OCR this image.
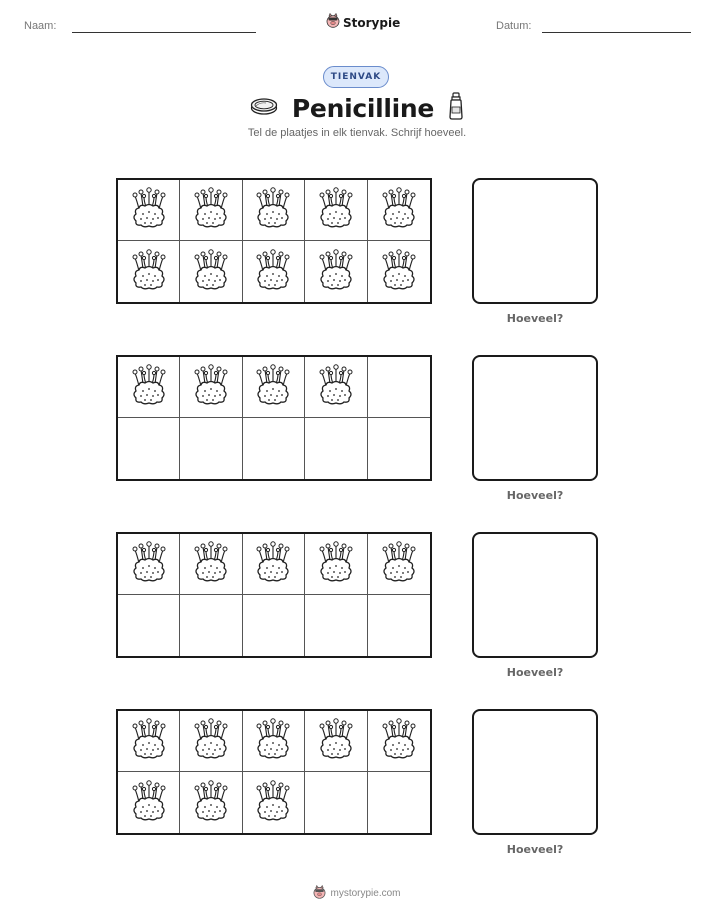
Naam:	Storypie	Datum:
TIENVAK
Penicilline
Tel de plaatjes in elk tienvak. Schrijf hoeveel.
Hoeveel?
Hoeveel?
Hoeveel?
Hoeveel?
mystorypie.com
